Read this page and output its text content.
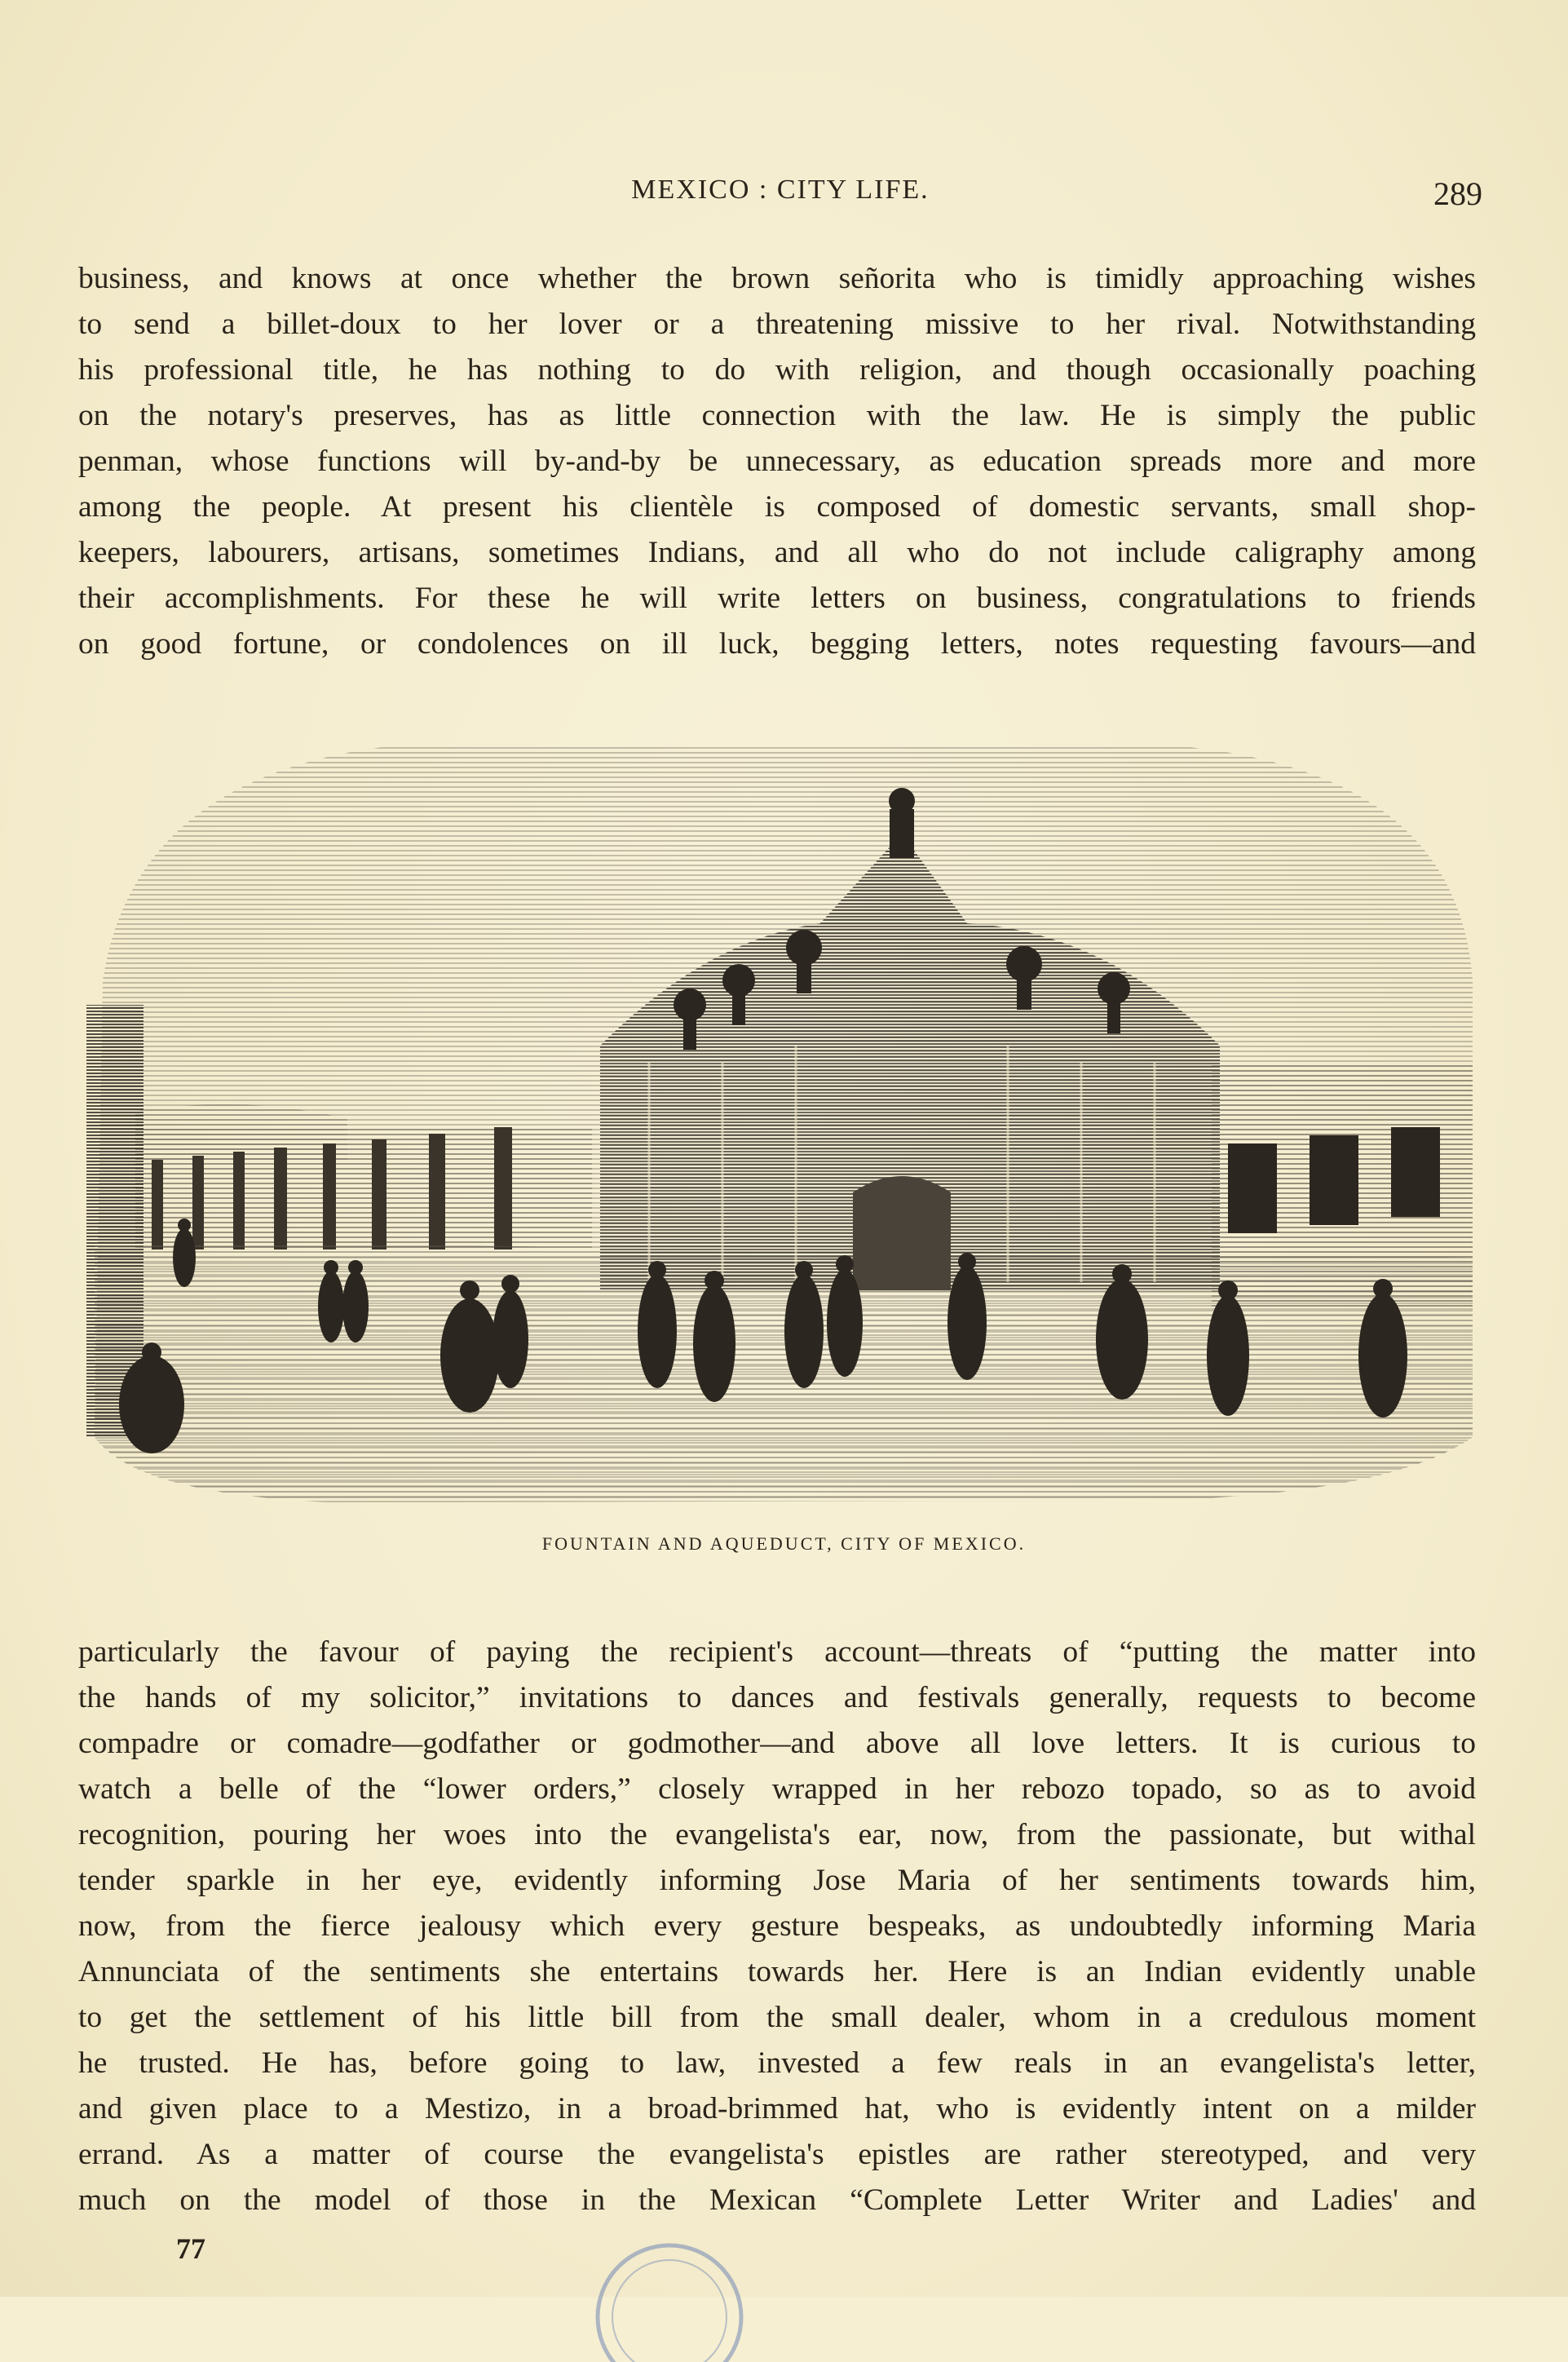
MEXICO : CITY LIFE.	289
business, and knows at once whether the brown señorita who is timidly approaching wishes
to send a billet-doux to her lover or a threatening missive to her rival. Notwithstanding
his professional title, he has nothing to do with religion, and though occasionally poaching
on the notary's preserves, has as little connection with the law. He is simply the public
penman, whose functions will by-and-by be unnecessary, as education spreads more and more
among the people. At present his clientèle is composed of domestic servants, small shop-
keepers, labourers, artisans, sometimes Indians, and all who do not include caligraphy among
their accomplishments. For these he will write letters on business, congratulations to friends
on good fortune, or condolences on ill luck, begging letters, notes requesting favours—and
FOUNTAIN AND AQUEDUCT, CITY OF MEXICO.
particularly the favour of paying the recipient's account—threats of “putting the matter into
the hands of my solicitor,” invitations to dances and festivals generally, requests to become
compadre or comadre—godfather or godmother—and above all love letters. It is curious to
watch a belle of the “lower orders,” closely wrapped in her rebozo topado, so as to avoid
recognition, pouring her woes into the evangelista's ear, now, from the passionate, but withal
tender sparkle in her eye, evidently informing Jose Maria of her sentiments towards him,
now, from the fierce jealousy which every gesture bespeaks, as undoubtedly informing Maria
Annunciata of the sentiments she entertains towards her. Here is an Indian evidently unable
to get the settlement of his little bill from the small dealer, whom in a credulous moment
he trusted. He has, before going to law, invested a few reals in an evangelista's letter,
and given place to a Mestizo, in a broad-brimmed hat, who is evidently intent on a milder
errand. As a matter of course the evangelista's epistles are rather stereotyped, and very
much on the model of those in the Mexican “Complete Letter Writer and Ladies' and
77
